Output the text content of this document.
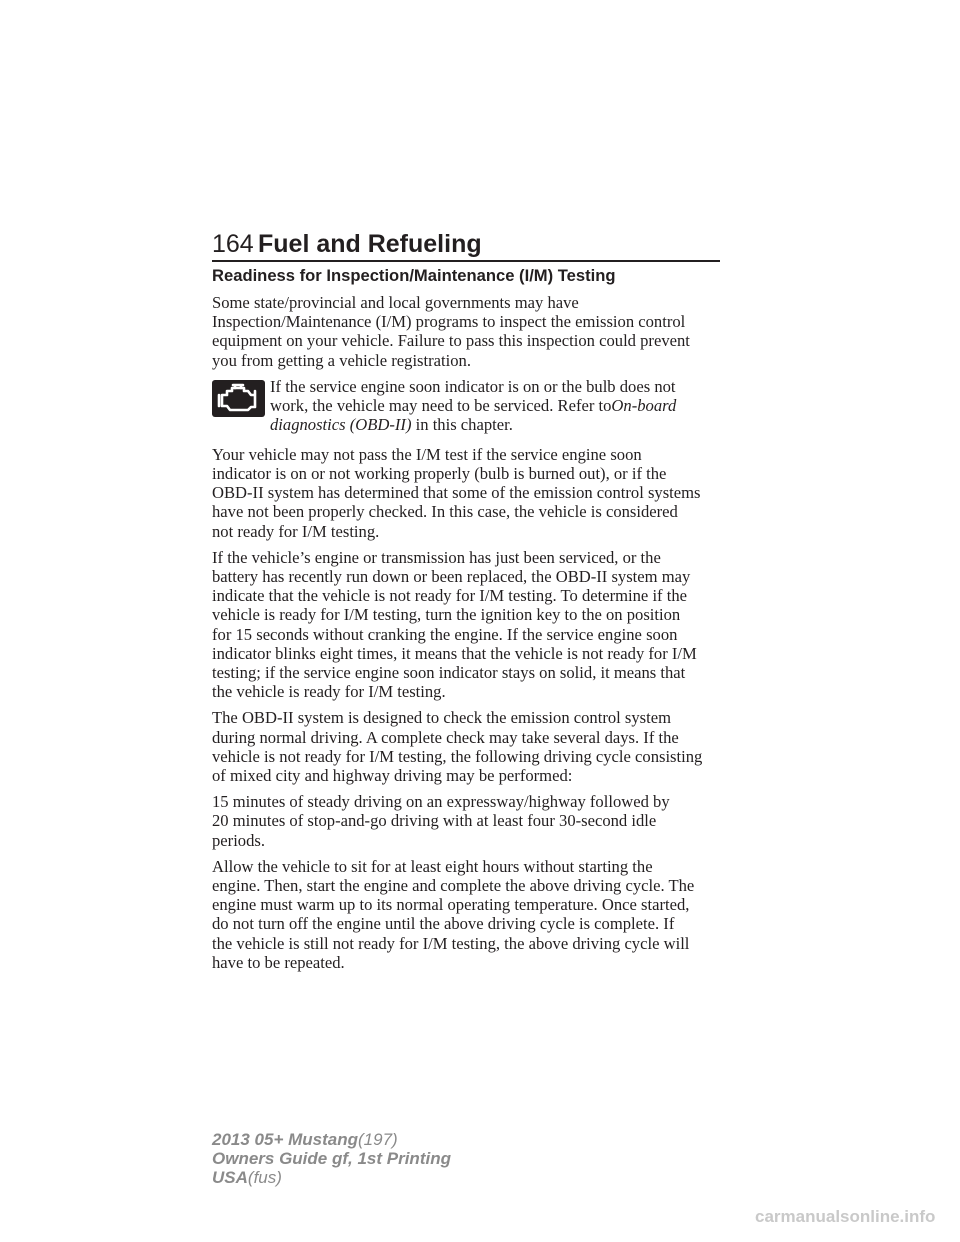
164 Fuel and Refueling
Readiness for Inspection/Maintenance (I/M) Testing
Some state/provincial and local governments may have
Inspection/Maintenance (I/M) programs to inspect the emission control
equipment on your vehicle. Failure to pass this inspection could prevent
you from getting a vehicle registration.
If the service engine soon indicator is on or the bulb does not
work, the vehicle may need to be serviced. Refer toOn-board
diagnostics (OBD-II) in this chapter.
Your vehicle may not pass the I/M test if the service engine soon
indicator is on or not working properly (bulb is burned out), or if the
OBD-II system has determined that some of the emission control systems
have not been properly checked. In this case, the vehicle is considered
not ready for I/M testing.
If the vehicle’s engine or transmission has just been serviced, or the
battery has recently run down or been replaced, the OBD-II system may
indicate that the vehicle is not ready for I/M testing. To determine if the
vehicle is ready for I/M testing, turn the ignition key to the on position
for 15 seconds without cranking the engine. If the service engine soon
indicator blinks eight times, it means that the vehicle is not ready for I/M
testing; if the service engine soon indicator stays on solid, it means that
the vehicle is ready for I/M testing.
The OBD-II system is designed to check the emission control system
during normal driving. A complete check may take several days. If the
vehicle is not ready for I/M testing, the following driving cycle consisting
of mixed city and highway driving may be performed:
15 minutes of steady driving on an expressway/highway followed by
20 minutes of stop-and-go driving with at least four 30-second idle
periods.
Allow the vehicle to sit for at least eight hours without starting the
engine. Then, start the engine and complete the above driving cycle. The
engine must warm up to its normal operating temperature. Once started,
do not turn off the engine until the above driving cycle is complete. If
the vehicle is still not ready for I/M testing, the above driving cycle will
have to be repeated.
2013 05+ Mustang(197)
Owners Guide gf, 1st Printing
USA(fus)
carmanualsonline.info
